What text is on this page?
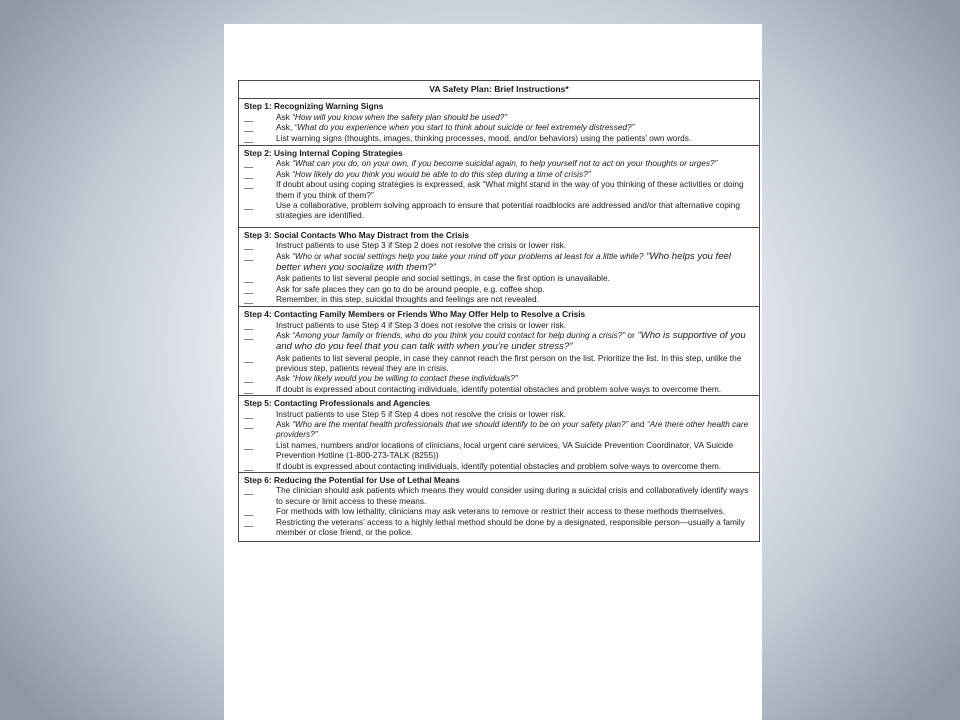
VA Safety Plan: Brief Instructions*
Step 1: Recognizing Warning Signs
__	Ask “How will you know when the safety plan should be used?”
__	Ask, “What do you experience when you start to think about suicide or feel extremely distressed?”
__	List warning signs (thoughts, images, thinking processes, mood, and/or behaviors) using the patients’ own words.
Step 2: Using Internal Coping Strategies
__	Ask “What can you do, on your own, if you become suicidal again, to help yourself not to act on your thoughts or urges?”
__	Ask “How likely do you think you would be able to do this step during a time of crisis?”
__	If doubt about using coping strategies is expressed, ask “What might stand in the way of you thinking of these activities or doing them if you think of them?”
__	Use a collaborative, problem solving approach to ensure that potential roadblocks are addressed and/or that alternative coping strategies are identified.
Step 3: Social Contacts Who May Distract from the Crisis
__	Instruct patients to use Step 3 if Step 2 does not resolve the crisis or lower risk.
__	Ask “Who or what social settings help you take your mind off your problems at least for a little while? “Who helps you feel better when you socialize with them?”
__	Ask patients to list several people and social settings, in case the first option is unavailable.
__	Ask for safe places they can go to do be around people, e.g. coffee shop.
__	Remember, in this step, suicidal thoughts and feelings are not revealed.
Step 4: Contacting Family Members or Friends Who May Offer Help to Resolve a Crisis
__	Instruct patients to use Step 4 if Step 3 does not resolve the crisis or lower risk.
__	Ask “Among your family or friends, who do you think you could contact for help during a crisis?” or “Who is supportive of you and who do you feel that you can talk with when you’re under stress?”
__	Ask patients to list several people, in case they cannot reach the first person on the list. Prioritize the list. In this step, unlike the previous step, patients reveal they are in crisis.
__	Ask “How likely would you be willing to contact these individuals?”
__	If doubt is expressed about contacting individuals, identify potential obstacles and problem solve ways to overcome them.
Step 5: Contacting Professionals and Agencies
__	Instruct patients to use Step 5 if Step 4 does not resolve the crisis or lower risk.
__	Ask “Who are the mental health professionals that we should identify to be on your safety plan?” and “Are there other health care providers?”
__	List names, numbers and/or locations of clinicians, local urgent care services, VA Suicide Prevention Coordinator, VA Suicide Prevention Hotline (1-800-273-TALK (8255))
__	If doubt is expressed about contacting individuals, identify potential obstacles and problem solve ways to overcome them.
Step 6: Reducing the Potential for Use of Lethal Means
__	The clinician should ask patients which means they would consider using during a suicidal crisis and collaboratively identify ways to secure or limit access to these means.
__	For methods with low lethality, clinicians may ask veterans to remove or restrict their access to these methods themselves.
__	Restricting the veterans’ access to a highly lethal method should be done by a designated, responsible person—usually a family member or close friend, or the police.
